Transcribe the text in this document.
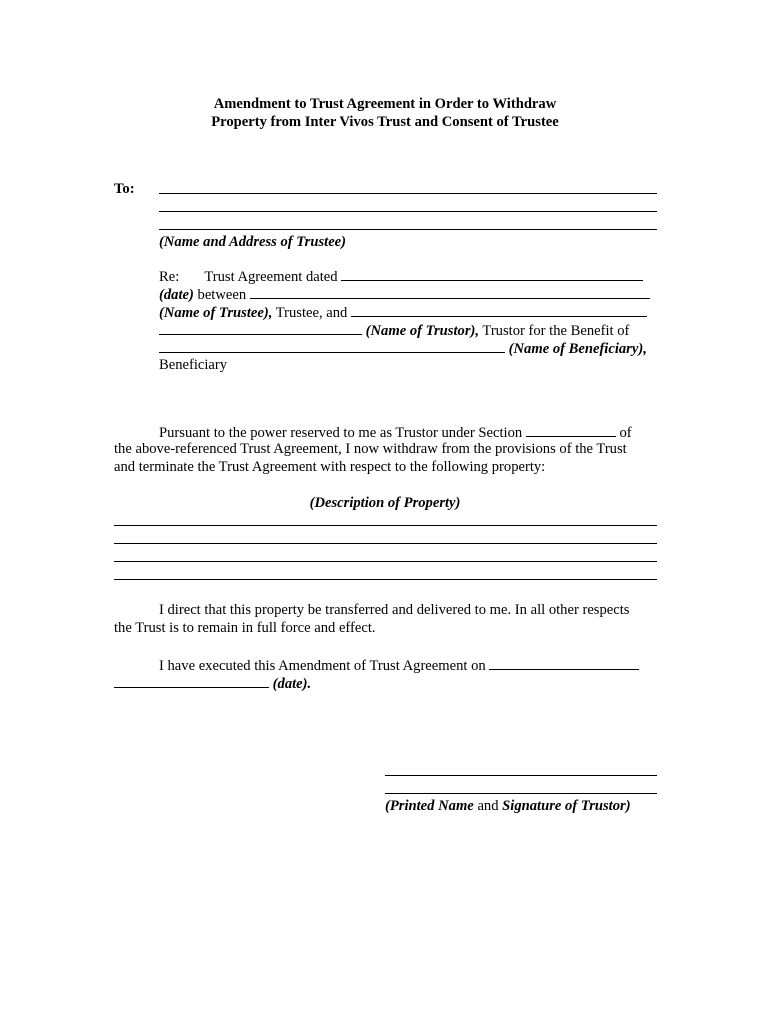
Amendment to Trust Agreement in Order to Withdraw
Property from Inter Vivos Trust and Consent of Trustee
To:
(Name and Address of Trustee)
Re: Trust Agreement dated
(date) between
(Name of Trustee), Trustee, and
(Name of Trustor), Trustor for the Benefit of
(Name of Beneficiary),
Beneficiary
Pursuant to the power reserved to me as Trustor under Section	of
the above-referenced Trust Agreement, I now withdraw from the provisions of the Trust
and terminate the Trust Agreement with respect to the following property:
(Description of Property)
I direct that this property be transferred and delivered to me. In all other respects
the Trust is to remain in full force and effect.
I have executed this Amendment of Trust Agreement on
(date).
(Printed Name and Signature of Trustor)
